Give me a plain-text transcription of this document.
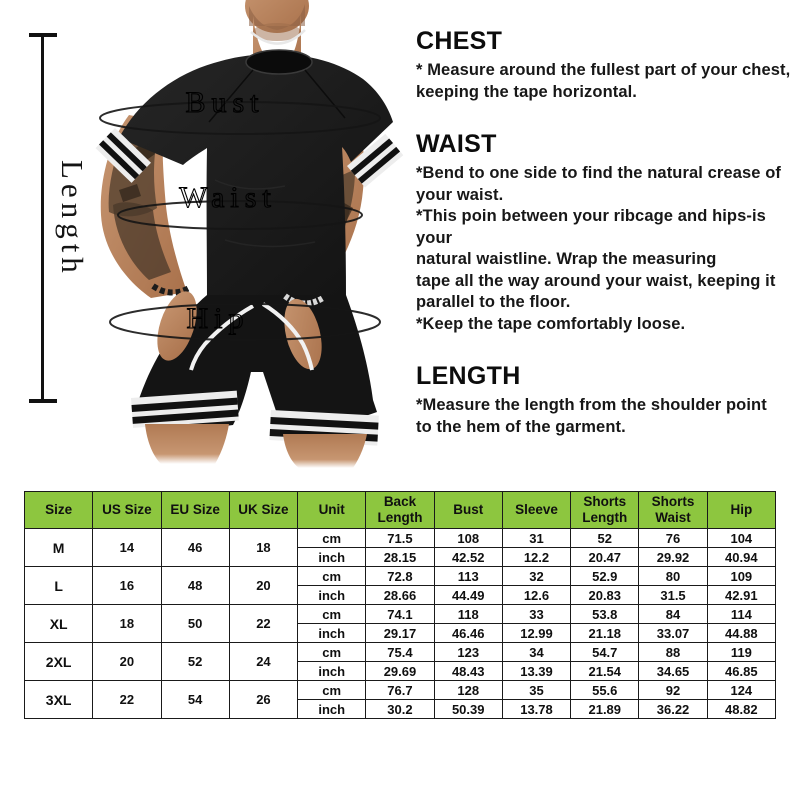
Length
Bust
Waist
Hip
CHEST
* Measure around the fullest part of your chest,
keeping the tape horizontal.
WAIST
*Bend to one side to find the natural crease of
your waist.
*This poin between your ribcage and hips-is your
natural waistline. Wrap the measuring
tape all the way around your waist, keeping it
parallel to the floor.
*Keep the tape comfortably loose.
LENGTH
*Measure the length from the shoulder point
to the hem of the garment.
Size	US Size	EU Size	UK Size	Unit	Back Length	Bust	Sleeve	Shorts Length	Shorts Waist	Hip
M	14	46	18	cm	71.5	108	31	52	76	104
				inch	28.15	42.52	12.2	20.47	29.92	40.94
L	16	48	20	cm	72.8	113	32	52.9	80	109
				inch	28.66	44.49	12.6	20.83	31.5	42.91
XL	18	50	22	cm	74.1	118	33	53.8	84	114
				inch	29.17	46.46	12.99	21.18	33.07	44.88
2XL	20	52	24	cm	75.4	123	34	54.7	88	119
				inch	29.69	48.43	13.39	21.54	34.65	46.85
3XL	22	54	26	cm	76.7	128	35	55.6	92	124
				inch	30.2	50.39	13.78	21.89	36.22	48.82
